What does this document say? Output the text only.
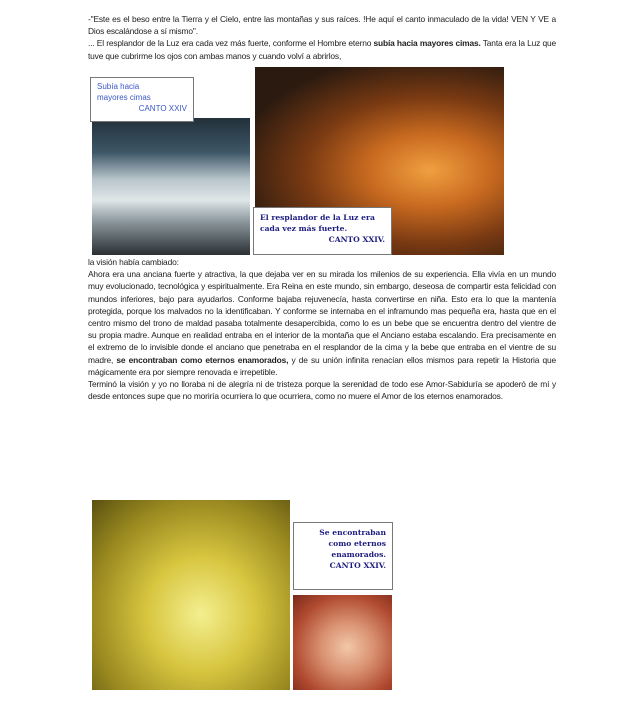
-"Este es el beso entre la Tierra y el Cielo, entre las montañas y sus raíces. !He aquí el canto inmaculado de la vida! VEN Y VE a Dios escalándose a sí mismo".

... El resplandor de la Luz era cada vez más fuerte, conforme el Hombre eterno subía hacia mayores cimas. Tanta era la Luz que tuve que cubrirme los ojos con ambas manos y cuando volví a abrirlos,

Subía hacia
mayores cimas
CANTO XXIV
El resplandor de la Luz era cada vez más fuerte.
CANTO XXIV.

la visión había cambiado:

Ahora era una anciana fuerte y atractiva, la que dejaba ver en su mirada los milenios de su experiencia. Ella vivía en un mundo muy evolucionado, tecnológica y espiritualmente. Era Reina en este mundo, sin embargo, deseosa de compartir esta felicidad con mundos inferiores, bajo para ayudarlos. Conforme bajaba rejuvenecía, hasta convertirse en niña. Esto era lo que la mantenía protegida, porque los malvados no la identificaban. Y conforme se internaba en el inframundo mas pequeña era, hasta que en el centro mismo del trono de maldad pasaba totalmente desapercibida, como lo es un bebe que se encuentra dentro del vientre de su propia madre. Aunque en realidad entraba en el interior de la montaña que el Anciano estaba escalando. Era precisamente en el extremo de lo invisible donde el anciano que penetraba en el resplandor de la cima y la bebe que entraba en el vientre de su madre, se encontraban como eternos enamorados, y de su unión infinita renacían ellos mismos para repetir la Historia que mágicamente era por siempre renovada e irrepetible.

Terminó la visión y yo no lloraba ni de alegría ni de tristeza porque la serenidad de todo ese Amor-Sabiduría se apoderó de mí y desde entonces supe que no moriría ocurriera lo que ocurriera, como no muere el Amor de los eternos enamorados.

Se encontraban como eternos enamorados.
CANTO XXIV.
